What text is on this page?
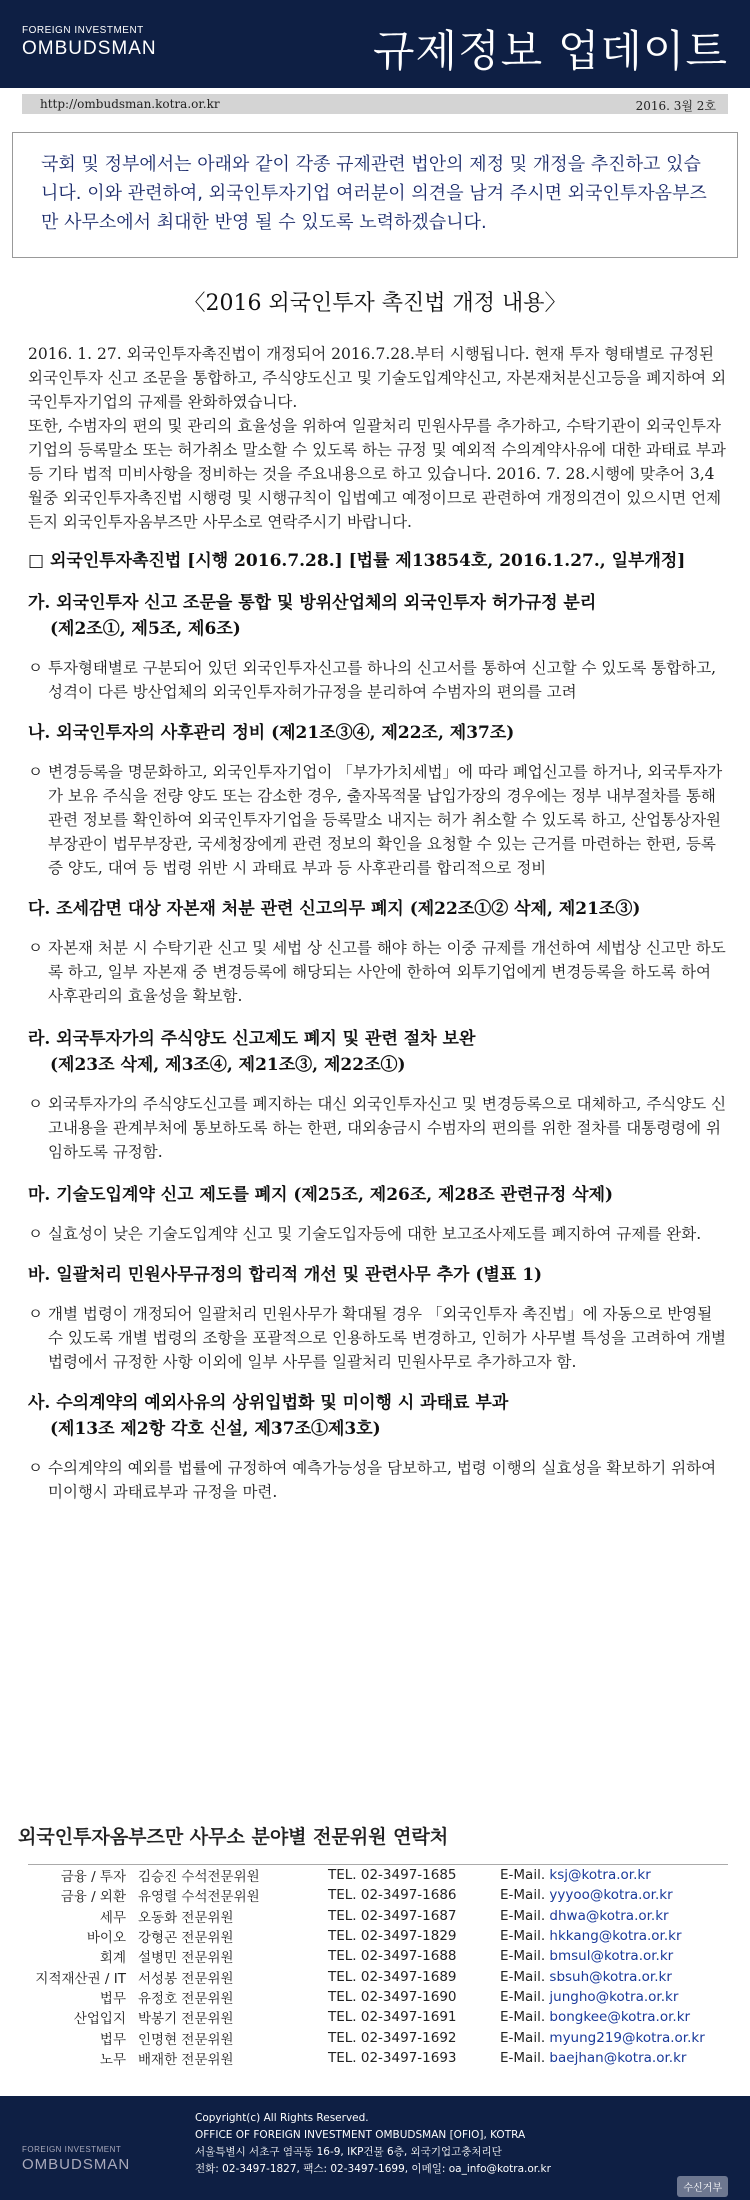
FOREIGN INVESTMENT
OMBUDSMAN	규제정보 업데이트
http://ombudsman.kotra.or.kr	2016. 3월 2호
국회 및 정부에서는 아래와 같이 각종 규제관련 법안의 제정 및 개정을 추진하고 있습니다. 이와 관련하여, 외국인투자기업 여러분이 의견을 남겨 주시면 외국인투자옴부즈만 사무소에서 최대한 반영 될 수 있도록 노력하겠습니다.
〈2016 외국인투자 촉진법 개정 내용〉
2016. 1. 27. 외국인투자촉진법이 개정되어 2016.7.28.부터 시행됩니다. 현재 투자 형태별로 규정된 외국인투자 신고 조문을 통합하고, 주식양도신고 및 기술도입계약신고, 자본재처분신고등을 폐지하여 외국인투자기업의 규제를 완화하였습니다.
또한, 수범자의 편의 및 관리의 효율성을 위하여 일괄처리 민원사무를 추가하고, 수탁기관이 외국인투자기업의 등록말소 또는 허가취소 말소할 수 있도록 하는 규정 및 예외적 수의계약사유에 대한 과태료 부과 등 기타 법적 미비사항을 정비하는 것을 주요내용으로 하고 있습니다. 2016. 7. 28.시행에 맞추어 3,4월중 외국인투자촉진법 시행령 및 시행규칙이 입법예고 예정이므로 관련하여 개정의견이 있으시면 언제든지 외국인투자옴부즈만 사무소로 연락주시기 바랍니다.
□ 외국인투자촉진법 [시행 2016.7.28.] [법률 제13854호, 2016.1.27., 일부개정]
가. 외국인투자 신고 조문을 통합 및 방위산업체의 외국인투자 허가규정 분리
(제2조①, 제5조, 제6조)
ㅇ 투자형태별로 구분되어 있던 외국인투자신고를 하나의 신고서를 통하여 신고할 수 있도록 통합하고, 성격이 다른 방산업체의 외국인투자허가규정을 분리하여 수범자의 편의를 고려
나. 외국인투자의 사후관리 정비 (제21조③④, 제22조, 제37조)
ㅇ 변경등록을 명문화하고, 외국인투자기업이 「부가가치세법」에 따라 폐업신고를 하거나, 외국투자가가 보유 주식을 전량 양도 또는 감소한 경우, 출자목적물 납입가장의 경우에는 정부 내부절차를 통해 관련 정보를 확인하여 외국인투자기업을 등록말소 내지는 허가 취소할 수 있도록 하고, 산업통상자원부장관이 법무부장관, 국세청장에게 관련 정보의 확인을 요청할 수 있는 근거를 마련하는 한편, 등록증 양도, 대여 등 법령 위반 시 과태료 부과 등 사후관리를 합리적으로 정비
다. 조세감면 대상 자본재 처분 관련 신고의무 폐지 (제22조①② 삭제, 제21조③)
ㅇ 자본재 처분 시 수탁기관 신고 및 세법 상 신고를 해야 하는 이중 규제를 개선하여 세법상 신고만 하도록 하고, 일부 자본재 중 변경등록에 해당되는 사안에 한하여 외투기업에게 변경등록을 하도록 하여 사후관리의 효율성을 확보함.
라. 외국투자가의 주식양도 신고제도 폐지 및 관련 절차 보완
(제23조 삭제, 제3조④, 제21조③, 제22조①)
ㅇ 외국투자가의 주식양도신고를 폐지하는 대신 외국인투자신고 및 변경등록으로 대체하고, 주식양도 신고내용을 관계부처에 통보하도록 하는 한편, 대외송금시 수범자의 편의를 위한 절차를 대통령령에 위임하도록 규정함.
마. 기술도입계약 신고 제도를 폐지 (제25조, 제26조, 제28조 관련규정 삭제)
ㅇ 실효성이 낮은 기술도입계약 신고 및 기술도입자등에 대한 보고조사제도를 폐지하여 규제를 완화.
바. 일괄처리 민원사무규정의 합리적 개선 및 관련사무 추가 (별표 1)
ㅇ 개별 법령이 개정되어 일괄처리 민원사무가 확대될 경우 「외국인투자 촉진법」에 자동으로 반영될 수 있도록 개별 법령의 조항을 포괄적으로 인용하도록 변경하고, 인허가 사무별 특성을 고려하여 개별 법령에서 규정한 사항 이외에 일부 사무를 일괄처리 민원사무로 추가하고자 함.
사. 수의계약의 예외사유의 상위입법화 및 미이행 시 과태료 부과
(제13조 제2항 각호 신설, 제37조①제3호)
ㅇ 수의계약의 예외를 법률에 규정하여 예측가능성을 담보하고, 법령 이행의 실효성을 확보하기 위하여 미이행시 과태료부과 규정을 마련.
외국인투자옴부즈만 사무소 분야별 전문위원 연락처
금융 / 투자 김승진 수석전문위원	TEL. 02-3497-1685	E-Mail. ksj@kotra.or.kr
금융 / 외환 유영렬 수석전문위원	TEL. 02-3497-1686	E-Mail. yyyoo@kotra.or.kr
세무 오동화 전문위원	TEL. 02-3497-1687	E-Mail. dhwa@kotra.or.kr
바이오 강형곤 전문위원	TEL. 02-3497-1829	E-Mail. hkkang@kotra.or.kr
회계 설병민 전문위원	TEL. 02-3497-1688	E-Mail. bmsul@kotra.or.kr
지적재산권 / IT 서성봉 전문위원	TEL. 02-3497-1689	E-Mail. sbsuh@kotra.or.kr
법무 유정호 전문위원	TEL. 02-3497-1690	E-Mail. jungho@kotra.or.kr
산업입지 박봉기 전문위원	TEL. 02-3497-1691	E-Mail. bongkee@kotra.or.kr
법무 인명현 전문위원	TEL. 02-3497-1692	E-Mail. myung219@kotra.or.kr
노무 배재한 전문위원	TEL. 02-3497-1693	E-Mail. baejhan@kotra.or.kr
FOREIGN INVESTMENT
OMBUDSMAN
Copyright(c) All Rights Reserved.
OFFICE OF FOREIGN INVESTMENT OMBUDSMAN [OFIO], KOTRA
서울특별시 서초구 염곡동 16-9, IKP건물 6층, 외국기업고충처리단
전화: 02-3497-1827, 팩스: 02-3497-1699, 이메일: oa_info@kotra.or.kr
수신거부
